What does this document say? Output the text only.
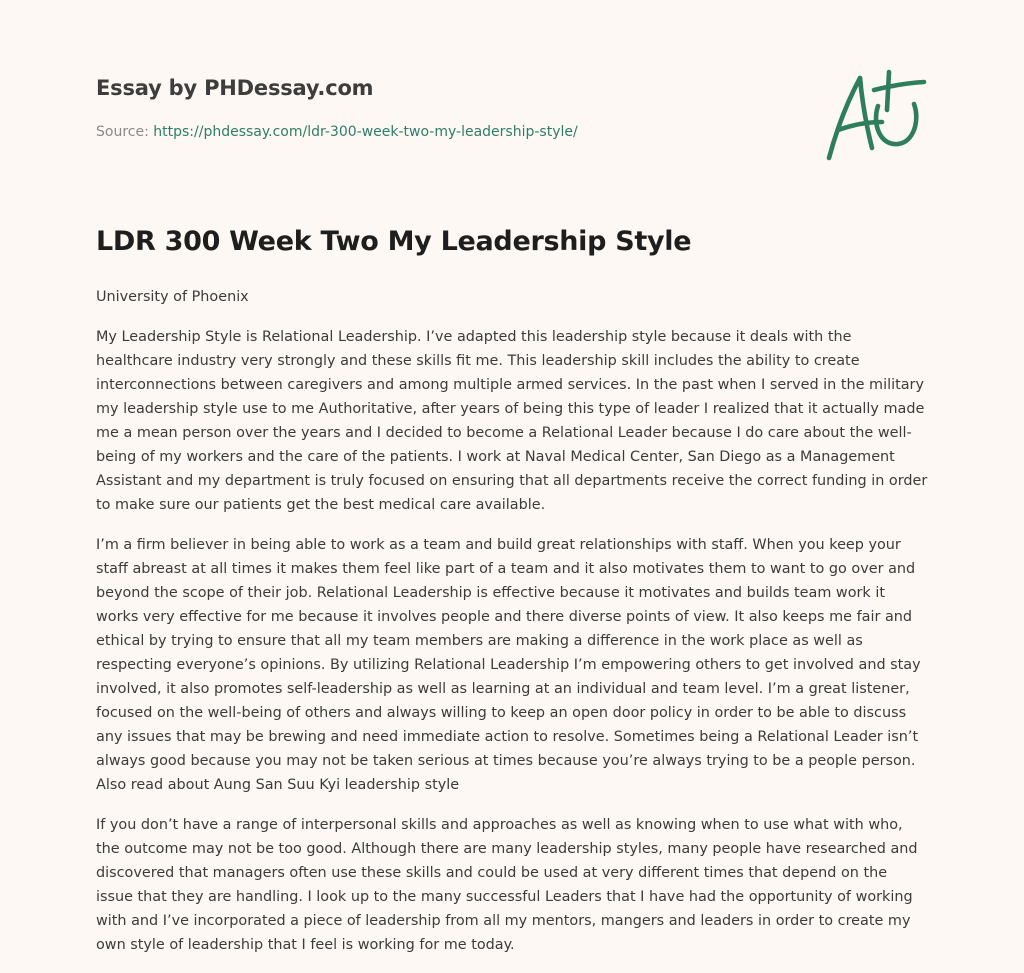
Essay by PHDessay.com
Source: https://phdessay.com/ldr-300-week-two-my-leadership-style/
LDR 300 Week Two My Leadership Style

University of Phoenix

My Leadership Style is Relational Leadership. I’ve adapted this leadership style because it deals with the healthcare industry very strongly and these skills fit me. This leadership skill includes the ability to create interconnections between caregivers and among multiple armed services. In the past when I served in the military my leadership style use to me Authoritative, after years of being this type of leader I realized that it actually made me a mean person over the years and I decided to become a Relational Leader because I do care about the well-being of my workers and the care of the patients. I work at Naval Medical Center, San Diego as a Management Assistant and my department is truly focused on ensuring that all departments receive the correct funding in order to make sure our patients get the best medical care available.

I’m a firm believer in being able to work as a team and build great relationships with staff. When you keep your staff abreast at all times it makes them feel like part of a team and it also motivates them to want to go over and beyond the scope of their job. Relational Leadership is effective because it motivates and builds team work it works very effective for me because it involves people and there diverse points of view. It also keeps me fair and ethical by trying to ensure that all my team members are making a difference in the work place as well as respecting everyone’s opinions. By utilizing Relational Leadership I’m empowering others to get involved and stay involved, it also promotes self-leadership as well as learning at an individual and team level. I’m a great listener, focused on the well-being of others and always willing to keep an open door policy in order to be able to discuss any issues that may be brewing and need immediate action to resolve. Sometimes being a Relational Leader isn’t always good because you may not be taken serious at times because you’re always trying to be a people person. Also read about Aung San Suu Kyi leadership style

If you don’t have a range of interpersonal skills and approaches as well as knowing when to use what with who, the outcome may not be too good. Although there are many leadership styles, many people have researched and discovered that managers often use these skills and could be used at very different times that depend on the issue that they are handling. I look up to the many successful Leaders that I have had the opportunity of working with and I’ve incorporated a piece of leadership from all my mentors, mangers and leaders in order to create my own style of leadership that I feel is working for me today.
